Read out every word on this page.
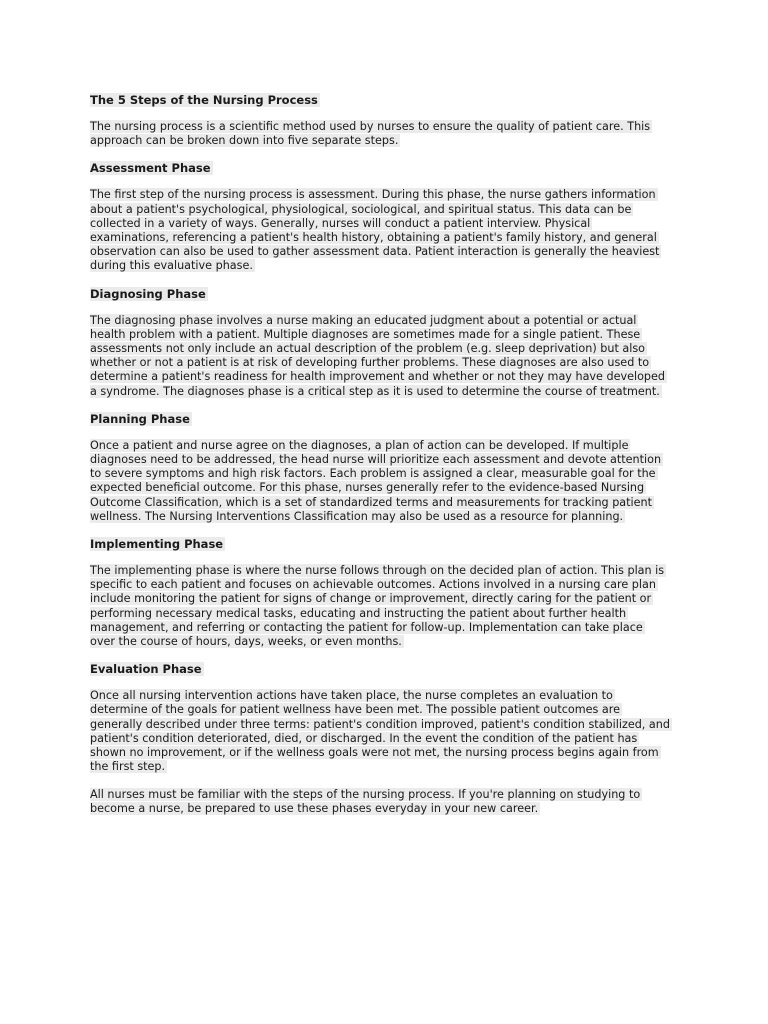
The 5 Steps of the Nursing Process
The nursing process is a scientific method used by nurses to ensure the quality of patient care. This
approach can be broken down into five separate steps.
Assessment Phase
The first step of the nursing process is assessment. During this phase, the nurse gathers information
about a patient's psychological, physiological, sociological, and spiritual status. This data can be
collected in a variety of ways. Generally, nurses will conduct a patient interview. Physical
examinations, referencing a patient's health history, obtaining a patient's family history, and general
observation can also be used to gather assessment data. Patient interaction is generally the heaviest
during this evaluative phase.
Diagnosing Phase
The diagnosing phase involves a nurse making an educated judgment about a potential or actual
health problem with a patient. Multiple diagnoses are sometimes made for a single patient. These
assessments not only include an actual description of the problem (e.g. sleep deprivation) but also
whether or not a patient is at risk of developing further problems. These diagnoses are also used to
determine a patient's readiness for health improvement and whether or not they may have developed
a syndrome. The diagnoses phase is a critical step as it is used to determine the course of treatment.
Planning Phase
Once a patient and nurse agree on the diagnoses, a plan of action can be developed. If multiple
diagnoses need to be addressed, the head nurse will prioritize each assessment and devote attention
to severe symptoms and high risk factors. Each problem is assigned a clear, measurable goal for the
expected beneficial outcome. For this phase, nurses generally refer to the evidence-based Nursing
Outcome Classification, which is a set of standardized terms and measurements for tracking patient
wellness. The Nursing Interventions Classification may also be used as a resource for planning.
Implementing Phase
The implementing phase is where the nurse follows through on the decided plan of action. This plan is
specific to each patient and focuses on achievable outcomes. Actions involved in a nursing care plan
include monitoring the patient for signs of change or improvement, directly caring for the patient or
performing necessary medical tasks, educating and instructing the patient about further health
management, and referring or contacting the patient for follow-up. Implementation can take place
over the course of hours, days, weeks, or even months.
Evaluation Phase
Once all nursing intervention actions have taken place, the nurse completes an evaluation to
determine of the goals for patient wellness have been met. The possible patient outcomes are
generally described under three terms: patient's condition improved, patient's condition stabilized, and
patient's condition deteriorated, died, or discharged. In the event the condition of the patient has
shown no improvement, or if the wellness goals were not met, the nursing process begins again from
the first step.
All nurses must be familiar with the steps of the nursing process. If you're planning on studying to
become a nurse, be prepared to use these phases everyday in your new career.
